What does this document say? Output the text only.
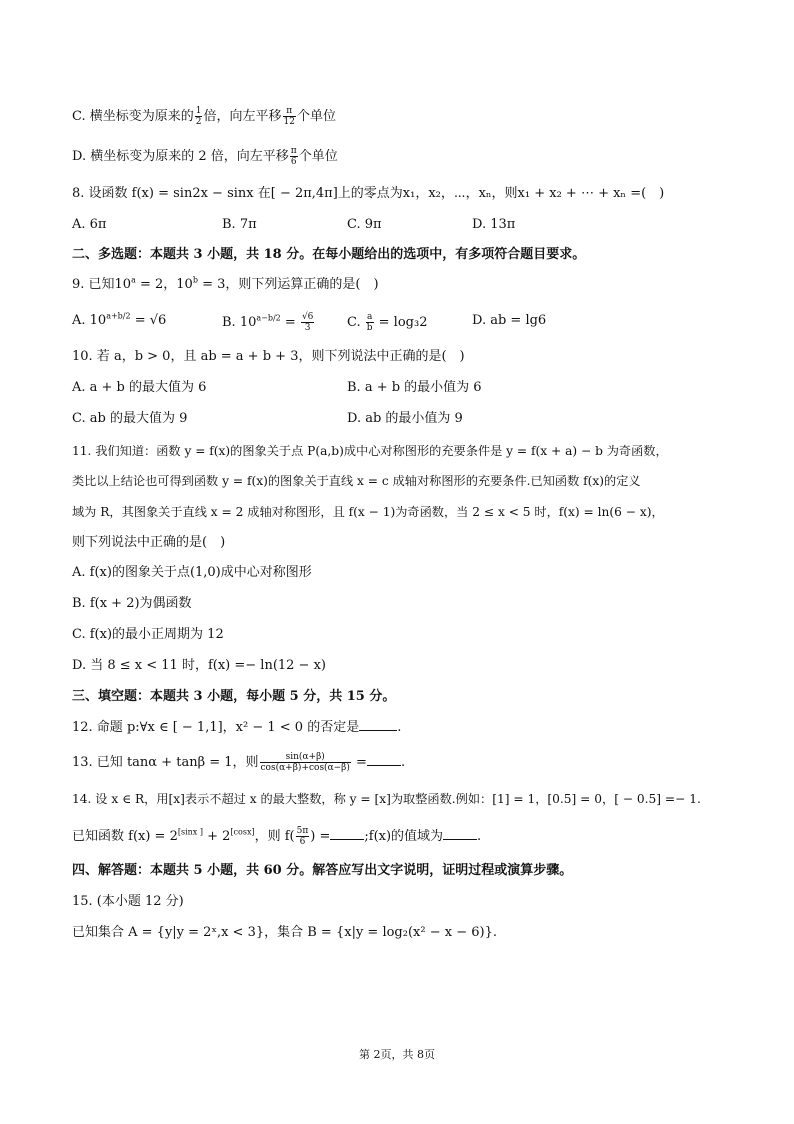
C. 横坐标变为原来的 $\frac{1}{2}$ 倍，向左平移 $\frac{\pi}{12}$ 个单位
D. 横坐标变为原来的 2 倍，向左平移 $\frac{\pi}{6}$ 个单位
8. 设函数 f(x) = sin2x − sinx 在[ − 2π,4π]上的零点为x₁，x₂，⋯，xₙ，则x₁ + x₂ + ⋯ + xₙ =(　)
A. 6π	B. 7π	C. 9π	D. 13π
二、多选题：本题共 3 小题，共 18 分。在每小题给出的选项中，有多项符合题目要求。
9. 已知$10^a = 2$，$10^b = 3$，则下列运算正确的是(　)
A. $10^{a+b/2} = √6$	B. $10^{a-b/2} = \frac{√6}{3}$	C. $\frac{a}{b} = \log_32$	D. ab = lg6
10. 若 a，b > 0，且 ab = a + b + 3，则下列说法中正确的是(　)
A. a + b 的最大值为 6	B. a + b 的最小值为 6
C. ab 的最大值为 9	D. ab 的最小值为 9
11. 我们知道：函数 y = f(x)的图象关于点 P(a,b)成中心对称图形的充要条件是 y = f(x + a) − b 为奇函数，
类比以上结论也可得到函数 y = f(x)的图象关于直线 x = c 成轴对称图形的充要条件.已知函数 f(x)的定义
域为 R，其图象关于直线 x = 2 成轴对称图形，且 f(x − 1)为奇函数，当 2 ≤ x < 5 时，f(x) = ln(6 − x)，
则下列说法中正确的是(　)
A. f(x)的图象关于点(1,0)成中心对称图形
B. f(x + 2)为偶函数
C. f(x)的最小正周期为 12
D. 当 8 ≤ x < 11 时，f(x) =− ln(12 − x)
三、填空题：本题共 3 小题，每小题 5 分，共 15 分。
12. 命题 p:∀x ∈ [ − 1,1]，x² − 1 < 0 的否定是	.
13. 已知 tanα + tanβ = 1，则 $\frac{\sin(\alpha+\beta)}{\cos(\alpha+\beta)+\cos(\alpha-\beta)}$ =	.
14. 设 x ∈ R，用[x]表示不超过 x 的最大整数，称 y = [x]为取整函数.例如：[1] = 1，[0.5] = 0，[ − 0.5] =− 1.
已知函数 f(x) = 2[sinx ] + 2[cosx]，则 $f( \frac{5\pi}{6}$ ) =	;f(x)的值域为	.
四、解答题：本题共 5 小题，共 60 分。解答应写出文字说明，证明过程或演算步骤。
15. (本小题 12 分)
已知集合 A = {y|y = 2ˣ,x < 3}，集合 B = {x|y = log₂(x² − x − 6)}.
第 2页，共 8页
